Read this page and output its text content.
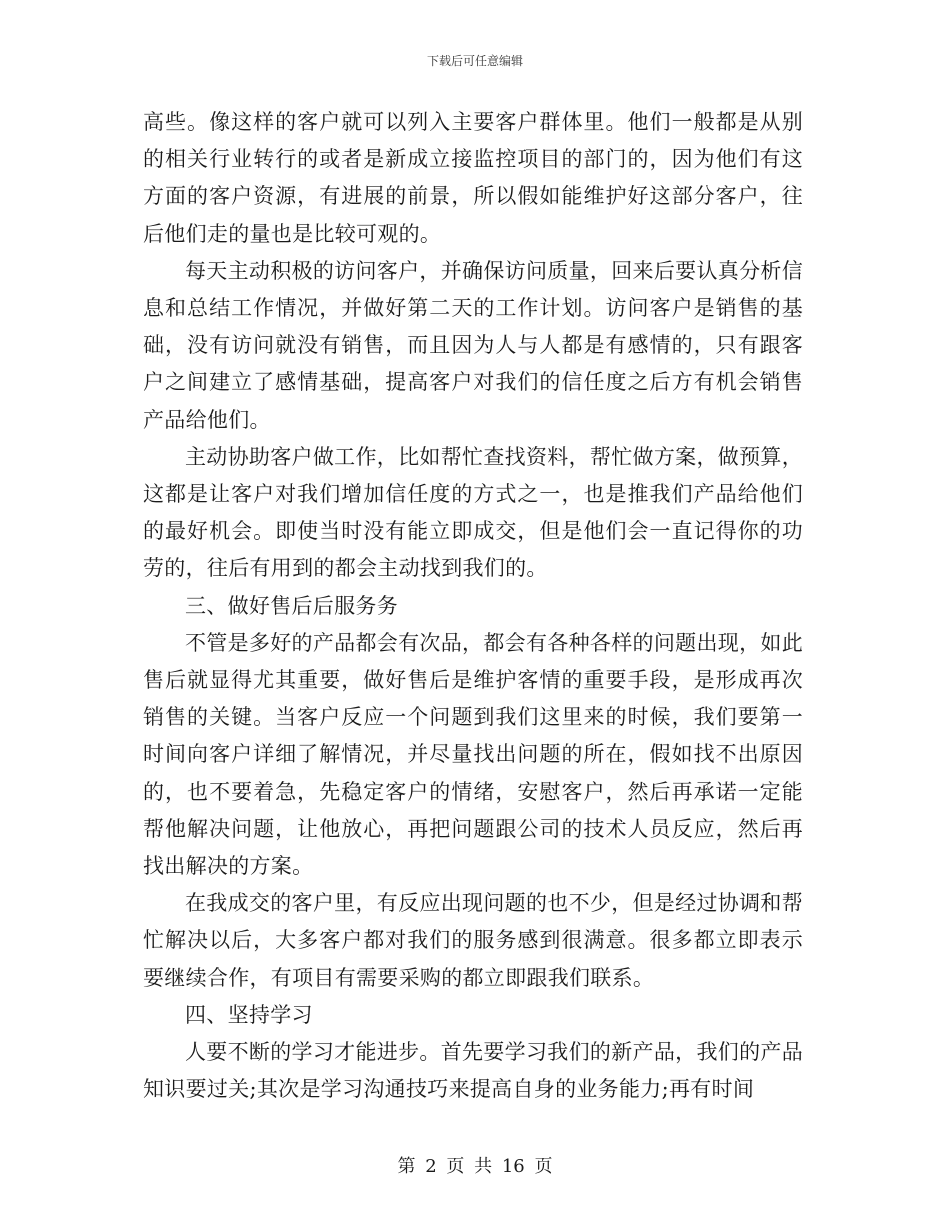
下载后可任意编辑

高些。像这样的客户就可以列入主要客户群体里。他们一般都是从别的相关行业转行的或者是新成立接监控项目的部门的，因为他们有这方面的客户资源，有进展的前景，所以假如能维护好这部分客户，往后他们走的量也是比较可观的。

每天主动积极的访问客户，并确保访问质量，回来后要认真分析信息和总结工作情况，并做好第二天的工作计划。访问客户是销售的基础，没有访问就没有销售，而且因为人与人都是有感情的，只有跟客户之间建立了感情基础，提高客户对我们的信任度之后方有机会销售产品给他们。

主动协助客户做工作，比如帮忙查找资料，帮忙做方案，做预算，这都是让客户对我们增加信任度的方式之一，也是推我们产品给他们的最好机会。即使当时没有能立即成交，但是他们会一直记得你的功劳的，往后有用到的都会主动找到我们的。

三、做好售后后服务务

不管是多好的产品都会有次品，都会有各种各样的问题出现，如此售后就显得尤其重要，做好售后是维护客情的重要手段，是形成再次销售的关键。当客户反应一个问题到我们这里来的时候，我们要第一时间向客户详细了解情况，并尽量找出问题的所在，假如找不出原因的，也不要着急，先稳定客户的情绪，安慰客户，然后再承诺一定能帮他解决问题，让他放心，再把问题跟公司的技术人员反应，然后再找出解决的方案。

在我成交的客户里，有反应出现问题的也不少，但是经过协调和帮忙解决以后，大多客户都对我们的服务感到很满意。很多都立即表示要继续合作，有项目有需要采购的都立即跟我们联系。

四、坚持学习

人要不断的学习才能进步。首先要学习我们的新产品，我们的产品知识要过关;其次是学习沟通技巧来提高自身的业务能力;再有时间

第 2 页 共 16 页
